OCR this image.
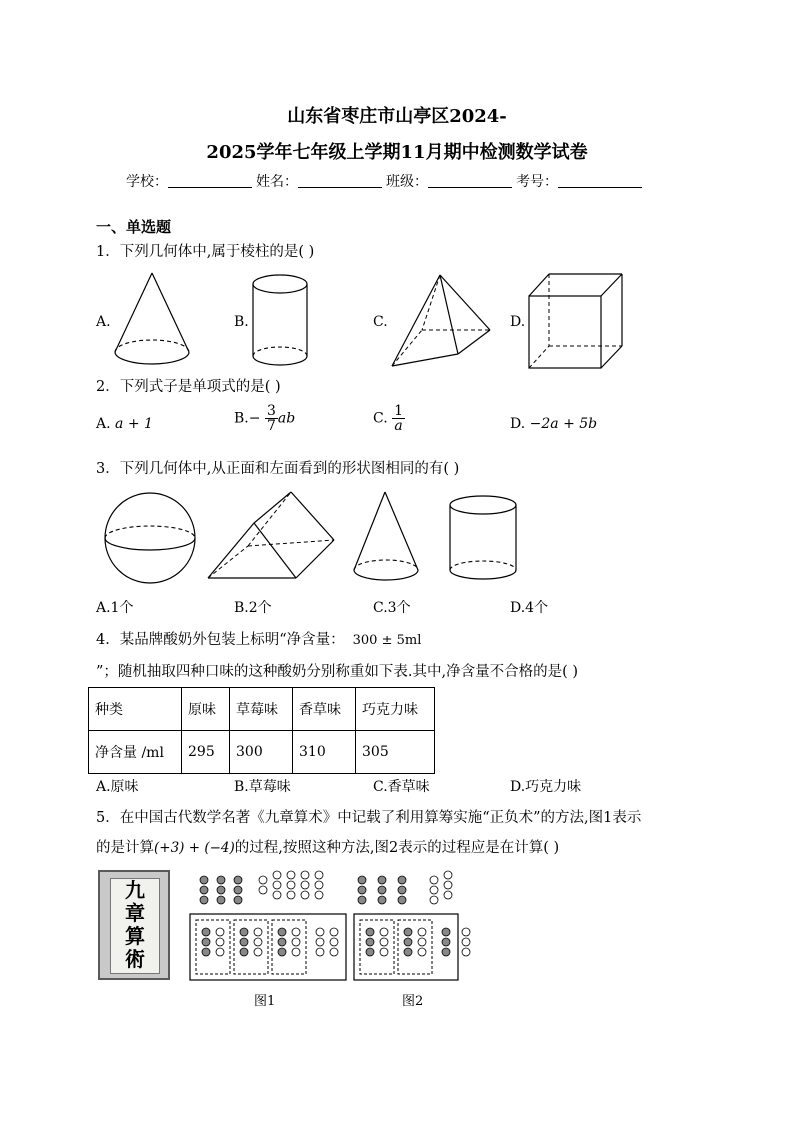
山东省枣庄市山亭区2024-
2025学年七年级上学期11月期中检测数学试卷
学校：	姓名：	班级：	考号：
一、单选题
1．下列几何体中,属于棱柱的是( )
A.	B.	C.	D.
2．下列式子是单项式的是( )
A. a + 1	$B.- \frac{3}{7}$ ab	C. $\frac{1}{a}$	D. −2a + 5b
3．下列几何体中,从正面和左面看到的形状图相同的有( )
A.1个	B.2个	C.3个	D.4个
4．某品牌酸奶外包装上标明“净含量： 300 ± 5ml
”；随机抽取四种口味的这种酸奶分别称重如下表.其中,净含量不合格的是( )
种类	原味	草莓味	香草味	巧克力味
净含量 /ml	295	300	310	305
A.原味	B.草莓味	C.香草味	D.巧克力味
5．在中国古代数学名著《九章算术》中记载了利用算筹实施“正负术”的方法,图1表示
的是计算(+3) + (−4)的过程,按照这种方法,图2表示的过程应是在计算( )
九
章
算
術
图1	图2
